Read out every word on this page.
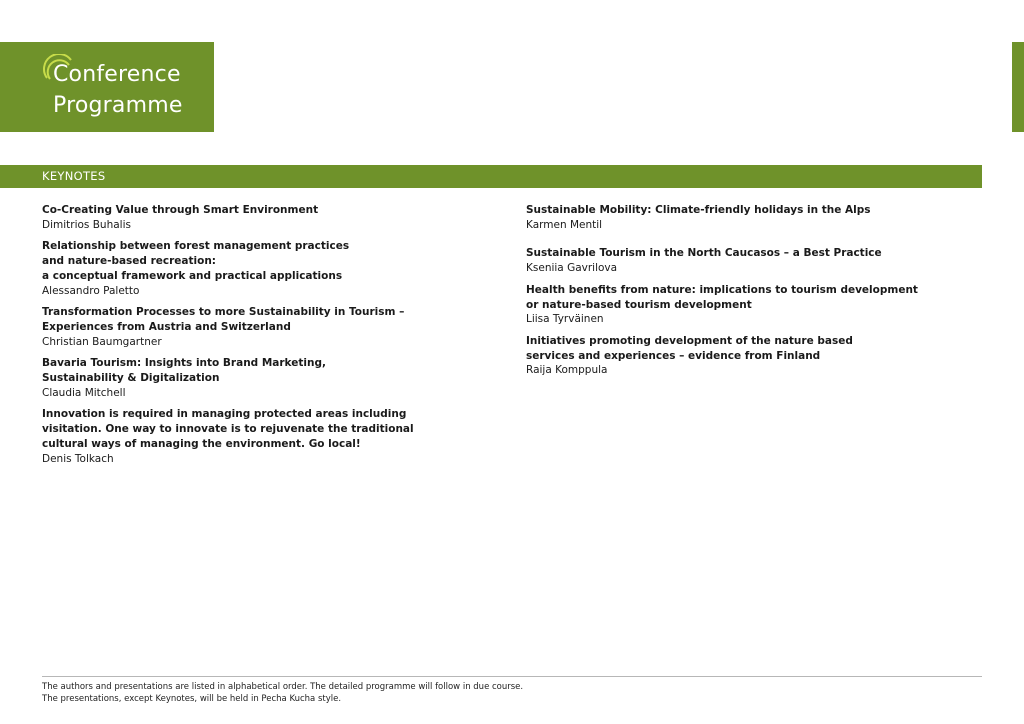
Conference
Programme
KEYNOTES
Co-Creating Value through Smart Environment
Dimitrios Buhalis
Relationship between forest management practices
and nature-based recreation:
a conceptual framework and practical applications
Alessandro Paletto
Transformation Processes to more Sustainability in Tourism –
Experiences from Austria and Switzerland
Christian Baumgartner
Bavaria Tourism: Insights into Brand Marketing,
Sustainability & Digitalization
Claudia Mitchell
Innovation is required in managing protected areas including
visitation. One way to innovate is to rejuvenate the traditional
cultural ways of managing the environment. Go local!
Denis Tolkach
Sustainable Mobility: Climate-friendly holidays in the Alps
Karmen Mentil
Sustainable Tourism in the North Caucasos – a Best Practice
Kseniia Gavrilova
Health benefits from nature: implications to tourism development
or nature-based tourism development
Liisa Tyrväinen
Initiatives promoting development of the nature based
services and experiences – evidence from Finland
Raija Komppula
The authors and presentations are listed in alphabetical order. The detailed programme will follow in due course.
The presentations, except Keynotes, will be held in Pecha Kucha style.
